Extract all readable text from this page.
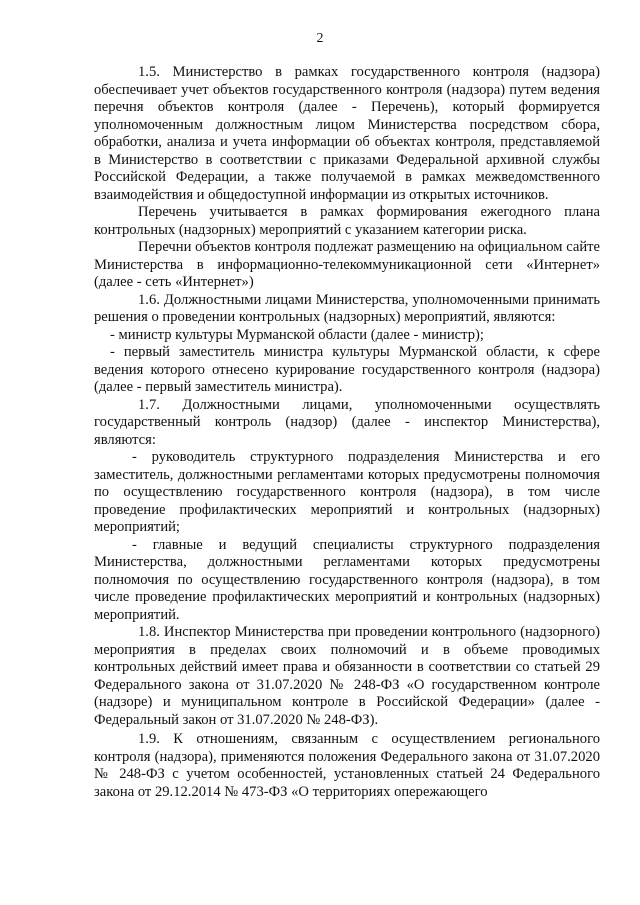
2

1.5. Министерство в рамках государственного контроля (надзора) обеспечивает учет объектов государственного контроля (надзора) путем ведения перечня объектов контроля (далее - Перечень), который формируется уполномоченным должностным лицом Министерства посредством сбора, обработки, анализа и учета информации об объектах контроля, представляемой в Министерство в соответствии с приказами Федеральной архивной службы Российской Федерации, а также получаемой в рамках межведомственного взаимодействия и общедоступной информации из открытых источников.

Перечень учитывается в рамках формирования ежегодного плана контрольных (надзорных) мероприятий с указанием категории риска.

Перечни объектов контроля подлежат размещению на официальном сайте Министерства в информационно-телекоммуникационной сети «Интернет» (далее - сеть «Интернет»)

1.6. Должностными лицами Министерства, уполномоченными принимать решения о проведении контрольных (надзорных) мероприятий, являются:

- министр культуры Мурманской области (далее - министр);

- первый заместитель министра культуры Мурманской области, к сфере ведения которого отнесено курирование государственного контроля (надзора) (далее - первый заместитель министра).

1.7. Должностными лицами, уполномоченными осуществлять государственный контроль (надзор) (далее - инспектор Министерства), являются:

- руководитель структурного подразделения Министерства и его заместитель, должностными регламентами которых предусмотрены полномочия по осуществлению государственного контроля (надзора), в том числе проведение профилактических мероприятий и контрольных (надзорных) мероприятий;

- главные и ведущий специалисты структурного подразделения Министерства, должностными регламентами которых предусмотрены полномочия по осуществлению государственного контроля (надзора), в том числе проведение профилактических мероприятий и контрольных (надзорных) мероприятий.

1.8. Инспектор Министерства при проведении контрольного (надзорного) мероприятия в пределах своих полномочий и в объеме проводимых контрольных действий имеет права и обязанности в соответствии со статьей 29 Федерального закона от 31.07.2020 № 248-ФЗ «О государственном контроле (надзоре) и муниципальном контроле в Российской Федерации» (далее - Федеральный закон от 31.07.2020 № 248-ФЗ).

1.9. К отношениям, связанным с осуществлением регионального контроля (надзора), применяются положения Федерального закона от 31.07.2020 № 248-ФЗ с учетом особенностей, установленных статьей 24 Федерального закона от 29.12.2014 № 473-ФЗ «О территориях опережающего
